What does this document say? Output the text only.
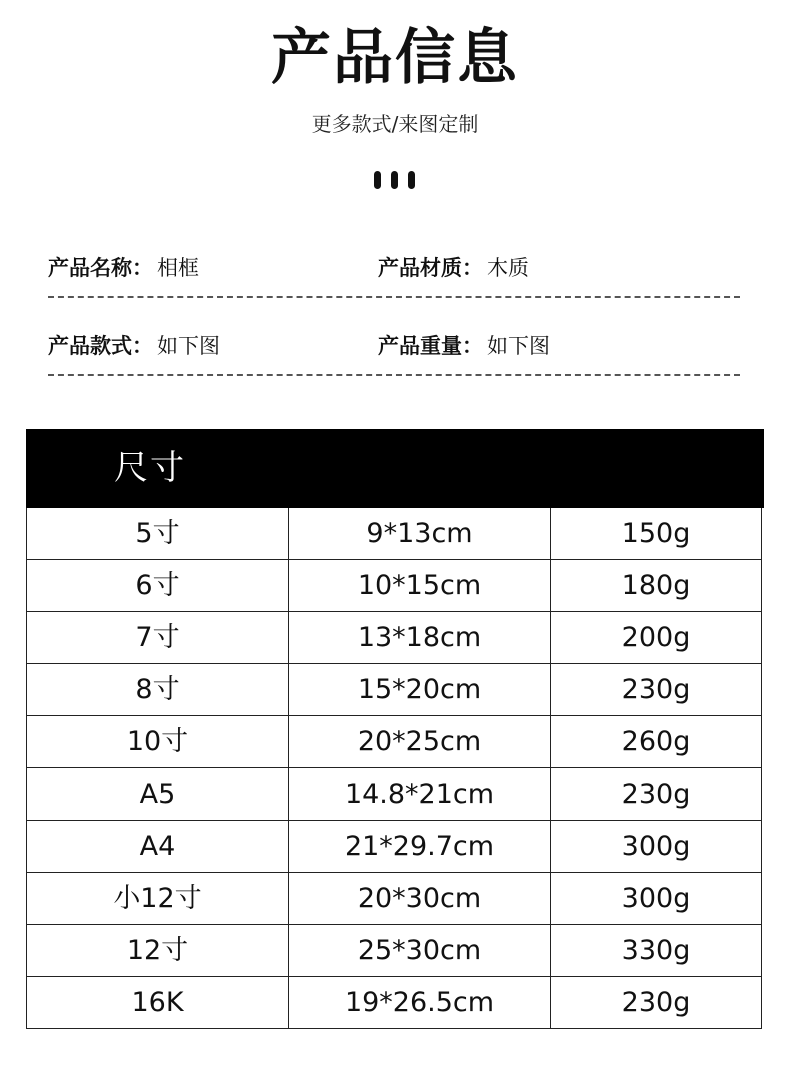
产品信息
更多款式/来图定制
产品名称： 相框	产品材质： 木质
产品款式： 如下图	产品重量： 如下图
尺寸
5寸	9*13cm	150g
6寸	10*15cm	180g
7寸	13*18cm	200g
8寸	15*20cm	230g
10寸	20*25cm	260g
A5	14.8*21cm	230g
A4	21*29.7cm	300g
小12寸	20*30cm	300g
12寸	25*30cm	330g
16K	19*26.5cm	230g
